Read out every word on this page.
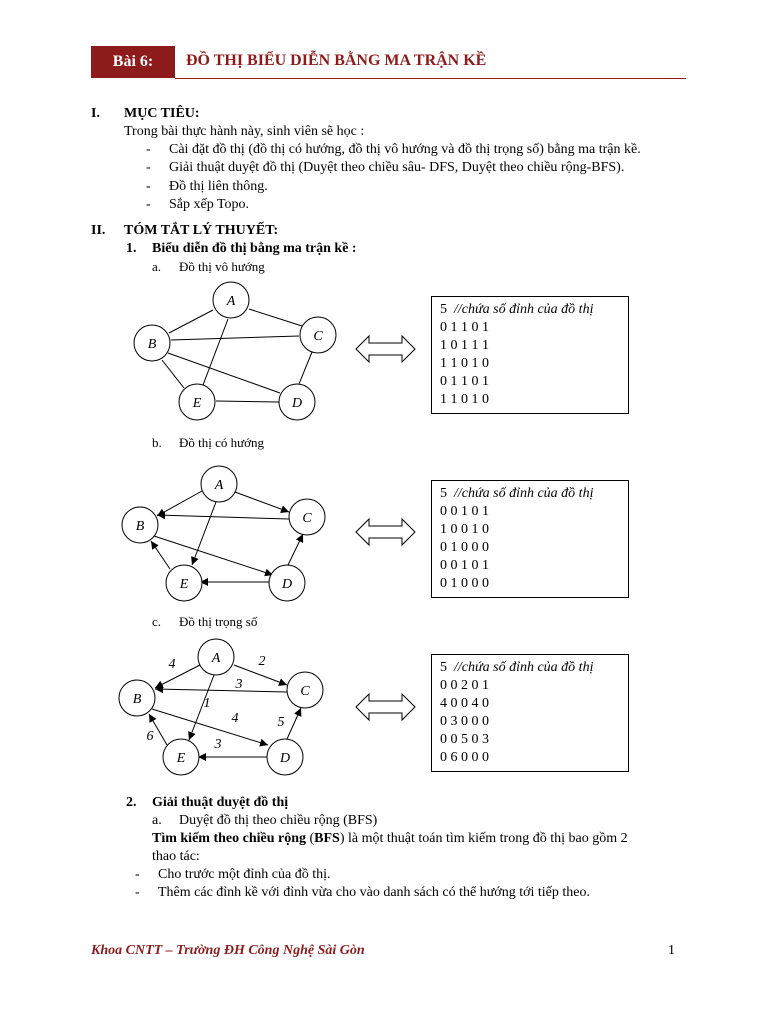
Bài 6:	ĐỒ THỊ BIỂU DIỄN BẰNG MA TRẬN KỀ
I. MỤC TIÊU:
Trong bài thực hành này, sinh viên sẽ học :
- Cài đặt đồ thị (đồ thị có hướng, đồ thị vô hướng và đồ thị trọng số) bằng ma trận kề.
- Giải thuật duyệt đồ thị (Duyệt theo chiều sâu- DFS, Duyệt theo chiều rộng-BFS).
- Đồ thị liên thông.
- Sắp xếp Topo.
II. TÓM TẮT LÝ THUYẾT:
1. Biểu diễn đồ thị bằng ma trận kề :
a. Đồ thị vô hướng
A
B
C
E	D
5 //chứa số đỉnh của đồ thị
0 1 1 0 1
1 0 1 1 1
1 1 0 1 0
0 1 1 0 1
1 1 0 1 0
b. Đồ thị có hướng
A
B
C
E	D
5 //chứa số đỉnh của đồ thị
0 0 1 0 1
1 0 0 1 0
0 1 0 0 0
0 0 1 0 1
0 1 0 0 0
c. Đồ thị trọng số
A
B
C
E	D
4	2
3
1
4	5
6
3
5 //chứa số đỉnh của đồ thị
0 0 2 0 1
4 0 0 4 0
0 3 0 0 0
0 0 5 0 3
0 6 0 0 0
2. Giải thuật duyệt đồ thị
a. Duyệt đồ thị theo chiều rộng (BFS)
Tìm kiếm theo chiều rộng (BFS) là một thuật toán tìm kiếm trong đồ thị bao gồm 2
thao tác:
- Cho trước một đỉnh của đồ thị.
- Thêm các đỉnh kề với đỉnh vừa cho vào danh sách có thể hướng tới tiếp theo.
Khoa CNTT – Trường ĐH Công Nghệ Sài Gòn	1
